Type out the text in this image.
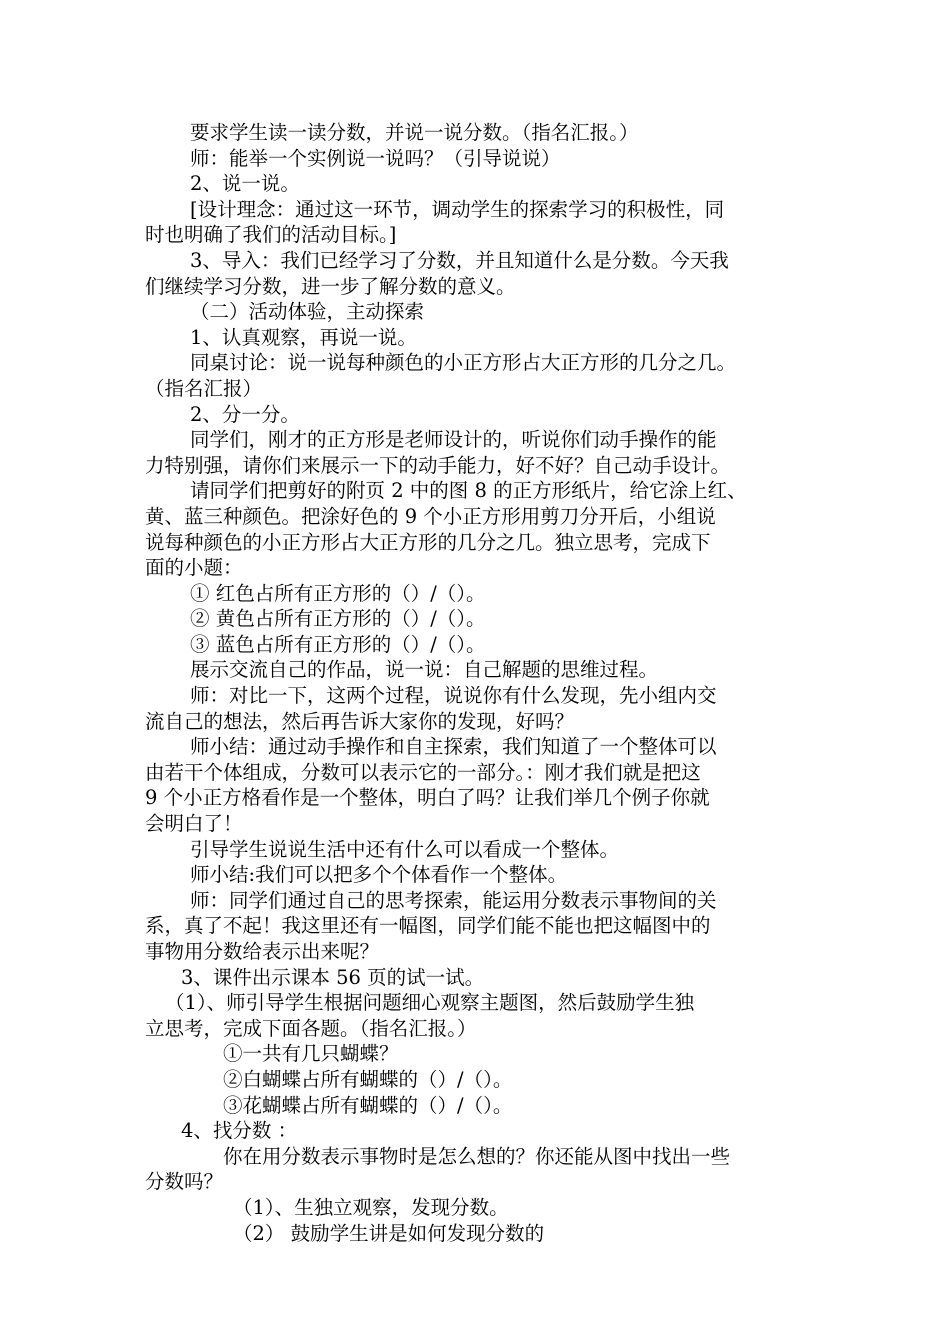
要求学生读一读分数，并说一说分数。（指名汇报。）
师：能举一个实例说一说吗？（引导说说）
2、说一说。
[设计理念：通过这一环节，调动学生的探索学习的积极性，同
时也明确了我们的活动目标。]
3、导入：我们已经学习了分数，并且知道什么是分数。今天我
们继续学习分数，进一步了解分数的意义。
（二）活动体验，主动探索
1、认真观察，再说一说。
同桌讨论：说一说每种颜色的小正方形占大正方形的几分之几。
（指名汇报）
2、分一分。
同学们，刚才的正方形是老师设计的，听说你们动手操作的能
力特别强，请你们来展示一下的动手能力，好不好？自己动手设计。
请同学们把剪好的附页 2 中的图 8 的正方形纸片，给它涂上红、
黄、蓝三种颜色。把涂好色的 9 个小正方形用剪刀分开后，小组说
说每种颜色的小正方形占大正方形的几分之几。独立思考，完成下
面的小题：
① 红色占所有正方形的（）/（）。
② 黄色占所有正方形的（）/（）。
③ 蓝色占所有正方形的（）/（）。
展示交流自己的作品，说一说：自己解题的思维过程。
师：对比一下，这两个过程，说说你有什么发现，先小组内交
流自己的想法，然后再告诉大家你的发现，好吗？
师小结：通过动手操作和自主探索，我们知道了一个整体可以
由若干个体组成，分数可以表示它的一部分。：刚才我们就是把这
9 个小正方格看作是一个整体，明白了吗？让我们举几个例子你就
会明白了！
引导学生说说生活中还有什么可以看成一个整体。
师小结:我们可以把多个个体看作一个整体。
师：同学们通过自己的思考探索，能运用分数表示事物间的关
系，真了不起！我这里还有一幅图，同学们能不能也把这幅图中的
事物用分数给表示出来呢？
3、课件出示课本 56 页的试一试。
（1）、师引导学生根据问题细心观察主题图，然后鼓励学生独
立思考，完成下面各题。（指名汇报。）
①一共有几只蝴蝶？
②白蝴蝶占所有蝴蝶的（）/（）。
③花蝴蝶占所有蝴蝶的（）/（）。
4、找分数 ：
你在用分数表示事物时是怎么想的？你还能从图中找出一些
分数吗？
（1）、生独立观察，发现分数。
（2） 鼓励学生讲是如何发现分数的
